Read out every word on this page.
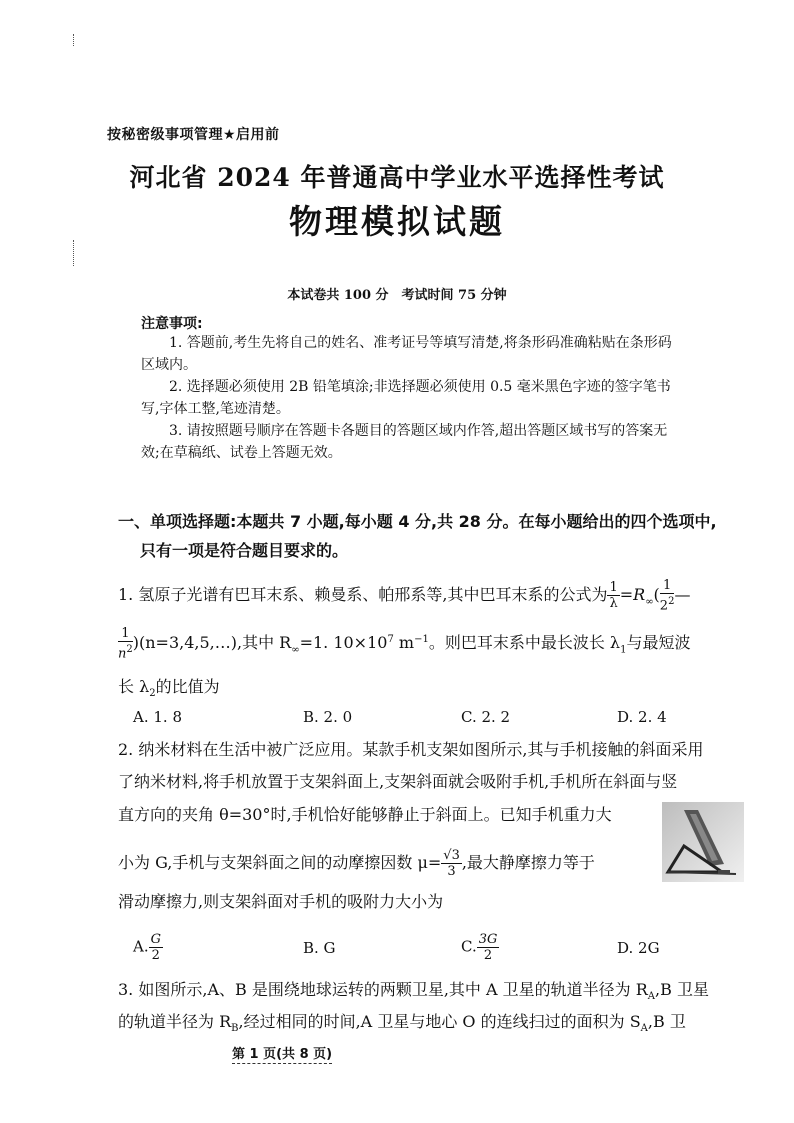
按秘密级事项管理★启用前
河北省 2024 年普通高中学业水平选择性考试
物理模拟试题
本试卷共 100 分　考试时间 75 分钟
注意事项:
1. 答题前,考生先将自己的姓名、准考证号等填写清楚,将条形码准确粘贴在条形码
区域内。
2. 选择题必须使用 2B 铅笔填涂;非选择题必须使用 0.5 毫米黑色字迹的签字笔书
写,字体工整,笔迹清楚。
3. 请按照题号顺序在答题卡各题目的答题区域内作答,超出答题区域书写的答案无
效;在草稿纸、试卷上答题无效。
一、单项选择题:本题共 7 小题,每小题 4 分,共 28 分。在每小题给出的四个选项中,
只有一项是符合题目要求的。
1. 氢原子光谱有巴耳末系、赖曼系、帕邢系等,其中巴耳末系的公式为 $\frac{1}{\lambda} =R_\infty( \frac{1}{2^2}$ —
$\frac{1}{n^2}$ )(n=3,4,5,…),其中 $R_\infty=1$. $10\times 10^7$ $m^{-1}$。则巴耳末系中最长波长 $\lambda_1$与最短波
长 $\lambda_2$的比值为
A. 1. 8	B. 2. 0	C. 2. 2	D. 2. 4
2. 纳米材料在生活中被广泛应用。某款手机支架如图所示,其与手机接触的斜面采用
了纳米材料,将手机放置于支架斜面上,支架斜面就会吸附手机,手机所在斜面与竖
直方向的夹角 θ=30°时,手机恰好能够静止于斜面上。已知手机重力大
小为 G,手机与支架斜面之间的动摩擦因数 $\mu= \frac{√3}{3}$ ,最大静摩擦力等于
滑动摩擦力,则支架斜面对手机的吸附力大小为
A. $\frac{G}{2}$	B. G	C. $\frac{3G}{2}$	D. 2G
3. 如图所示,A、B 是围绕地球运转的两颗卫星,其中 A 卫星的轨道半径为 $R_A,B$ 卫星
的轨道半径为 $R_B$,经过相同的时间,A 卫星与地心 O 的连线扫过的面积为 $S_A,B$ 卫
第 1 页(共 8 页)
